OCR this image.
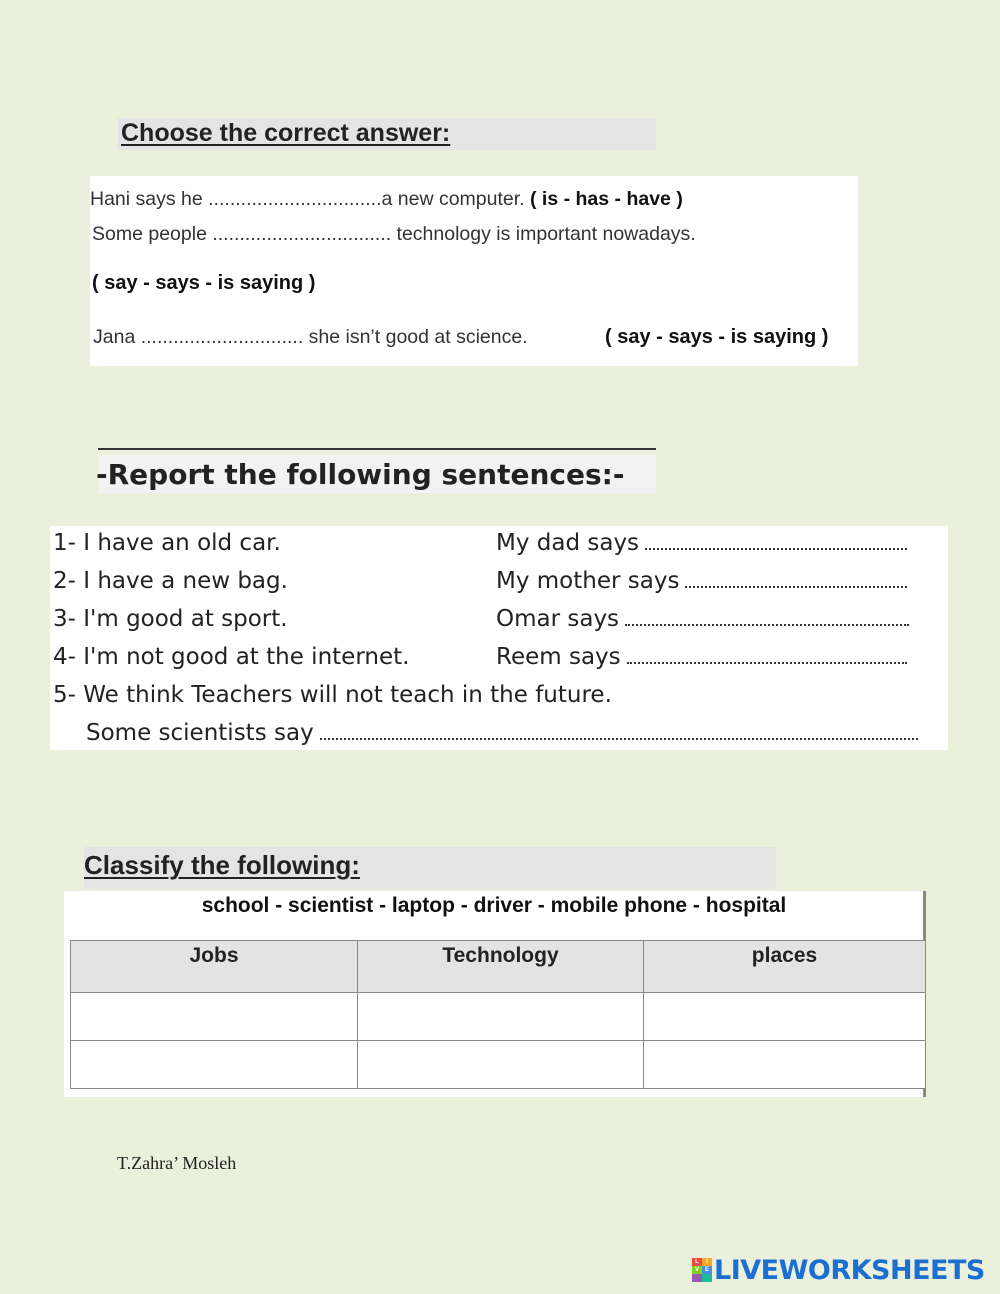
Choose the correct answer:
Hani says he ................................a new computer. ( is - has - have )
Some people ................................. technology is important nowadays.
( say - says - is saying )
Jana .............................. she isn’t good at science.	( say - says - is saying )
-Report the following sentences:-
1- I have an old car.	My dad says
2- I have a new bag.	My mother says
3- I'm good at sport.	Omar says
4- I'm not good at the internet.	Reem says
5- We think Teachers will not teach in the future.
Some scientists say
Classify the following:
school - scientist - laptop - driver - mobile phone - hospital
Jobs	Technology	places

T.Zahra’ Mosleh
L	I
V E LIVEWORKSHEETS
